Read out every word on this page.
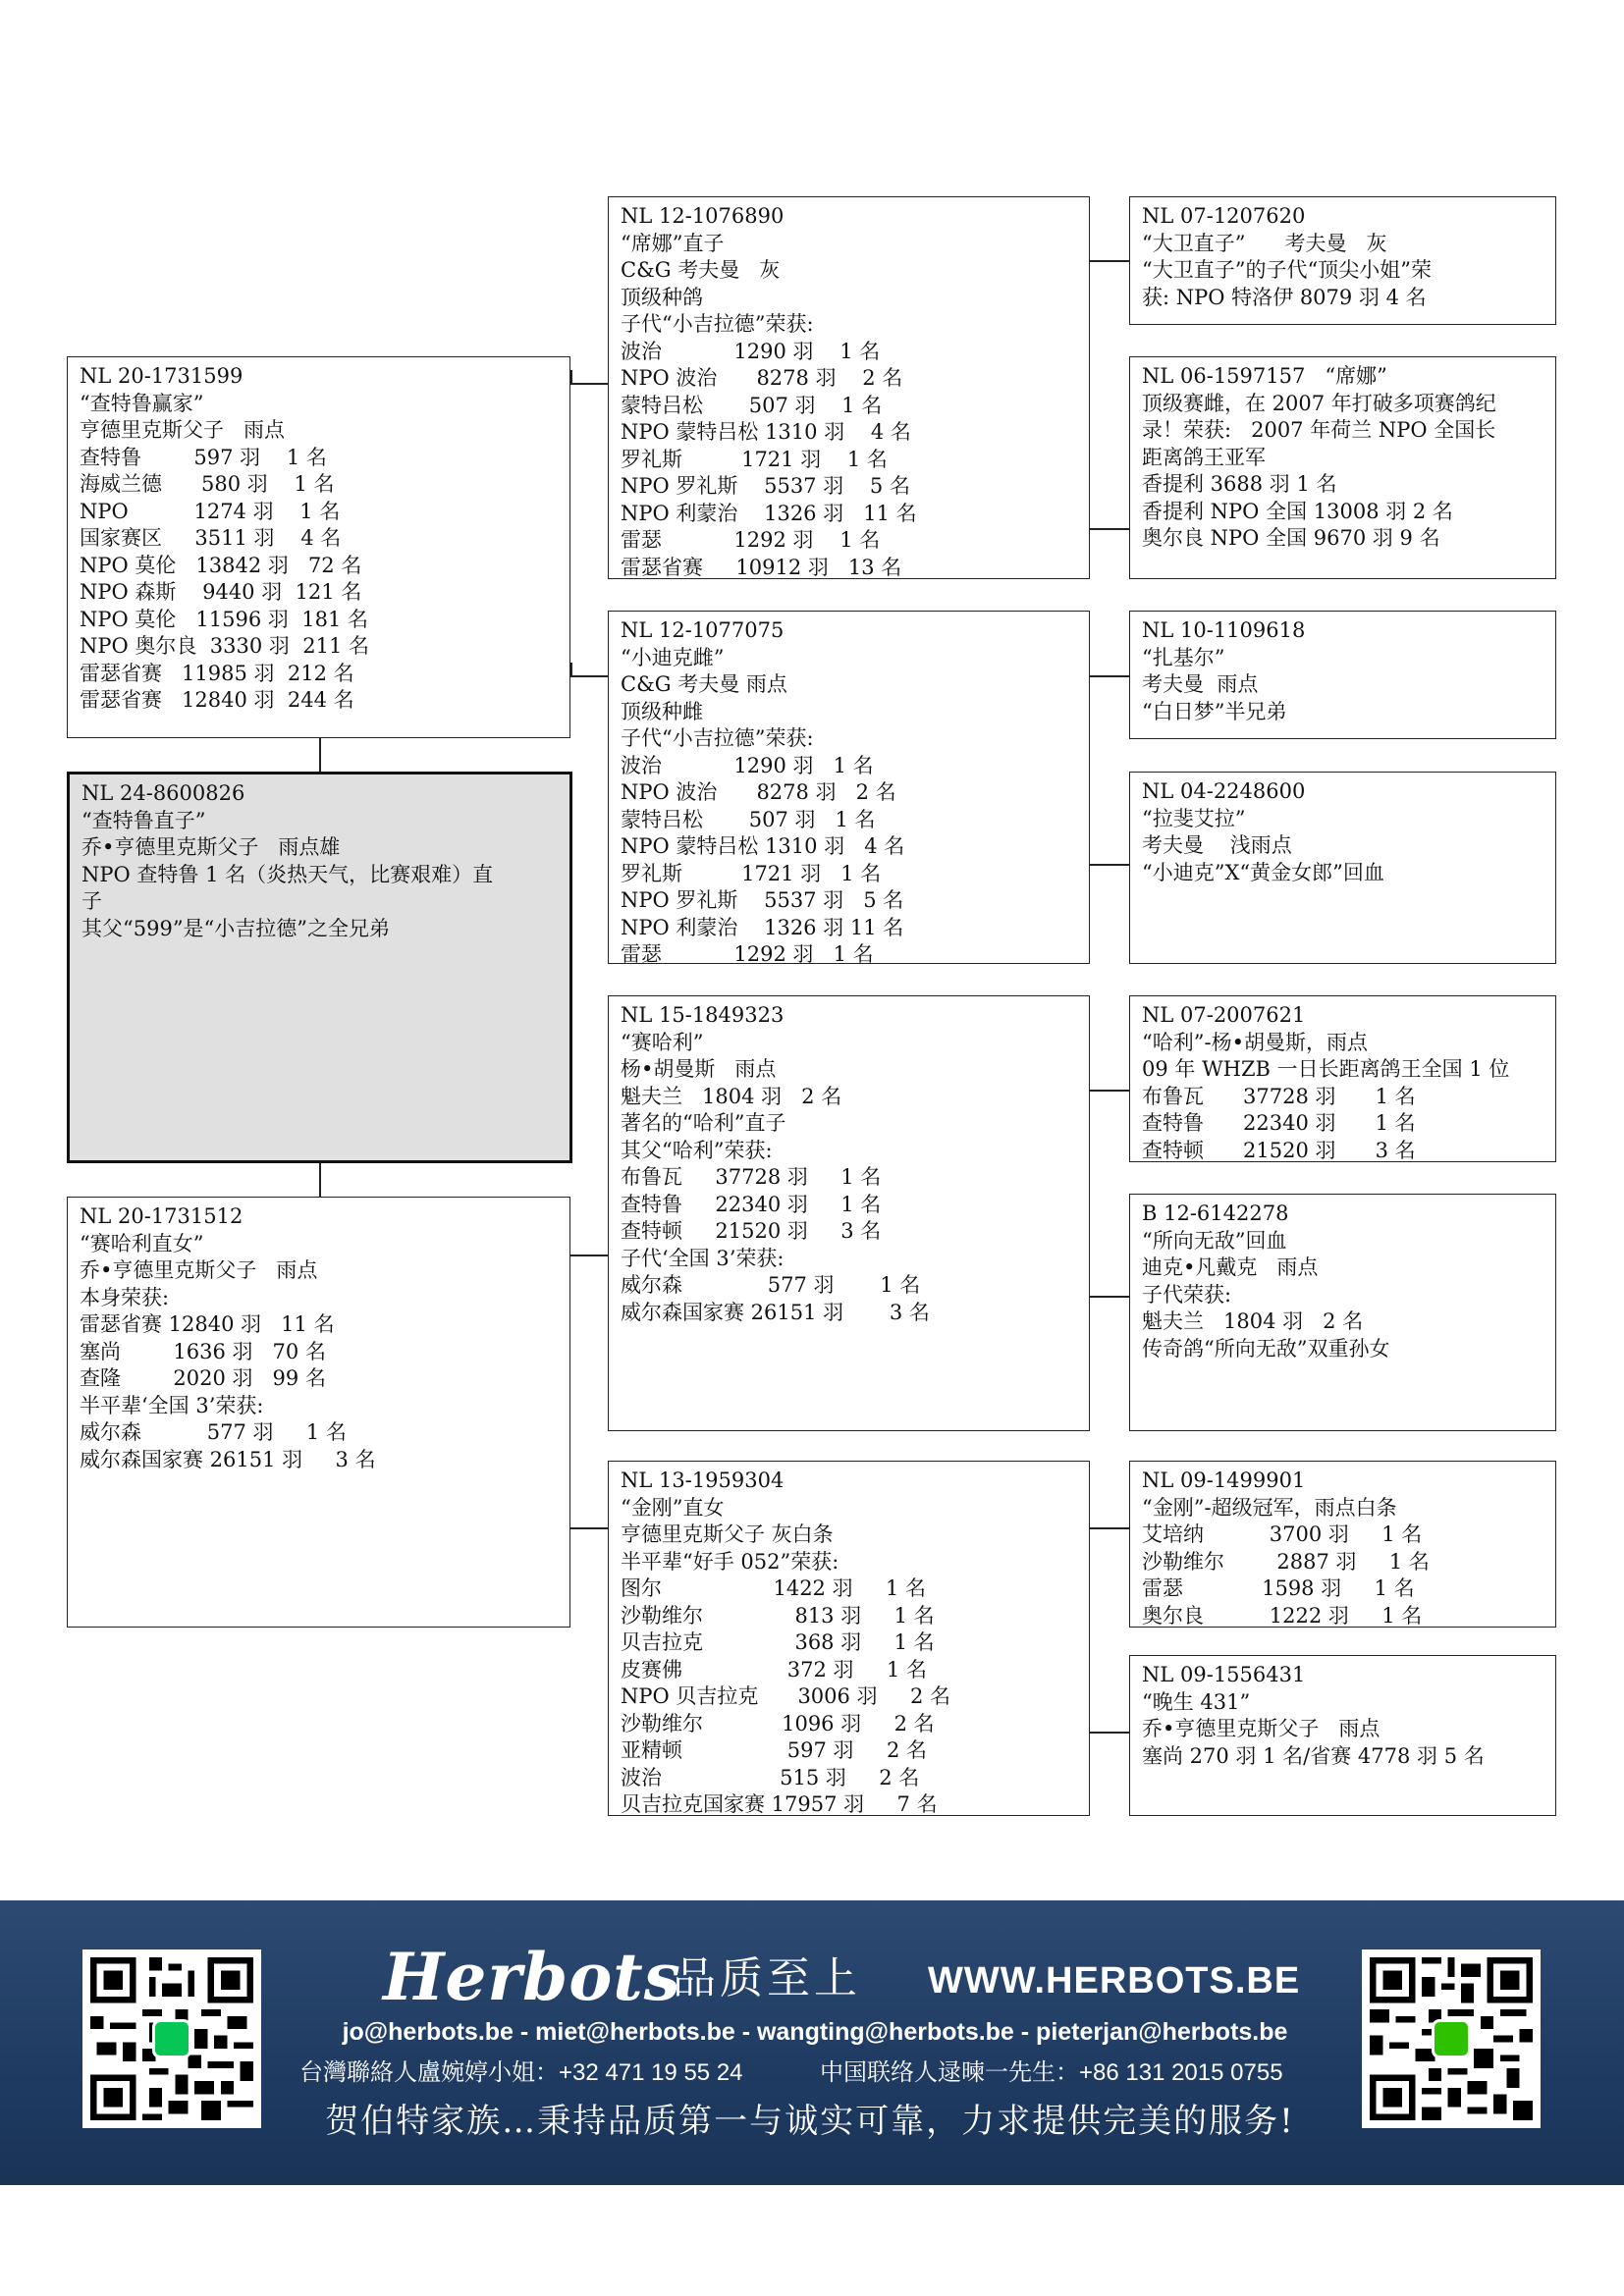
NL 20-1731599
“查特鲁赢家”
亨德里克斯父子   雨点
查特鲁        597 羽    1 名
海威兰德      580 羽    1 名
NPO          1274 羽    1 名
国家赛区     3511 羽    4 名
NPO 莫伦   13842 羽   72 名
NPO 森斯    9440 羽  121 名
NPO 莫伦   11596 羽  181 名
NPO 奥尔良  3330 羽  211 名
雷瑟省赛   11985 羽  212 名
雷瑟省赛   12840 羽  244 名
NL 24-8600826
“查特鲁直子”
乔•亨德里克斯父子   雨点雄
NPO 查特鲁 1 名（炎热天气，比赛艰难）直
子
其父“599”是“小吉拉德”之全兄弟
NL 20-1731512
“赛哈利直女”
乔•亨德里克斯父子   雨点
本身荣获:
雷瑟省赛 12840 羽   11 名
塞尚        1636 羽   70 名
查隆        2020 羽   99 名
半平辈‘全国 3’荣获:
威尔森          577 羽     1 名
威尔森国家赛 26151 羽     3 名
NL 12-1076890
“席娜”直子
C&G 考夫曼   灰
顶级种鸽
子代“小吉拉德”荣获:
波治           1290 羽    1 名
NPO 波治      8278 羽    2 名
蒙特吕松       507 羽    1 名
NPO 蒙特吕松 1310 羽    4 名
罗礼斯         1721 羽    1 名
NPO 罗礼斯    5537 羽    5 名
NPO 利蒙治    1326 羽   11 名
雷瑟           1292 羽    1 名
雷瑟省赛     10912 羽   13 名
NL 12-1077075
“小迪克雌”
C&G 考夫曼 雨点
顶级种雌
子代“小吉拉德”荣获:
波治           1290 羽   1 名
NPO 波治      8278 羽   2 名
蒙特吕松       507 羽   1 名
NPO 蒙特吕松 1310 羽   4 名
罗礼斯         1721 羽   1 名
NPO 罗礼斯    5537 羽   5 名
NPO 利蒙治    1326 羽 11 名
雷瑟           1292 羽   1 名
NL 15-1849323
“赛哈利”
杨•胡曼斯   雨点
魁夫兰   1804 羽   2 名
著名的“哈利”直子
其父“哈利”荣获:
布鲁瓦     37728 羽     1 名
查特鲁     22340 羽     1 名
查特顿     21520 羽     3 名
子代‘全国 3’荣获:
威尔森             577 羽       1 名
威尔森国家赛 26151 羽       3 名
NL 13-1959304
“金刚”直女
亨德里克斯父子 灰白条
半平辈“好手 052”荣获:
图尔                 1422 羽     1 名
沙勒维尔              813 羽     1 名
贝吉拉克              368 羽     1 名
皮赛佛                372 羽     1 名
NPO 贝吉拉克      3006 羽     2 名
沙勒维尔            1096 羽     2 名
亚精顿                597 羽     2 名
波治                  515 羽     2 名
贝吉拉克国家赛 17957 羽     7 名
NL 07-1207620
“大卫直子”      考夫曼   灰
“大卫直子”的子代“顶尖小姐”荣
获: NPO 特洛伊 8079 羽 4 名
NL 06-1597157   “席娜”
顶级赛雌，在 2007 年打破多项赛鸽纪
录！荣获:   2007 年荷兰 NPO 全国长
距离鸽王亚军
香提利 3688 羽 1 名
香提利 NPO 全国 13008 羽 2 名
奥尔良 NPO 全国 9670 羽 9 名
NL 10-1109618
“扎基尔”
考夫曼  雨点
“白日梦”半兄弟
NL 04-2248600
“拉斐艾拉”
考夫曼    浅雨点
“小迪克”X“黄金女郎”回血
NL 07-2007621
“哈利”-杨•胡曼斯，雨点
09 年 WHZB 一日长距离鸽王全国 1 位
布鲁瓦      37728 羽      1 名
查特鲁      22340 羽      1 名
查特顿      21520 羽      3 名
B 12-6142278
“所向无敌”回血
迪克•凡戴克   雨点
子代荣获:
魁夫兰   1804 羽   2 名
传奇鸽“所向无敌”双重孙女
NL 09-1499901
“金刚”-超级冠军，雨点白条
艾培纳          3700 羽     1 名
沙勒维尔        2887 羽     1 名
雷瑟            1598 羽     1 名
奥尔良          1222 羽     1 名
NL 09-1556431
“晚生 431”
乔•亨德里克斯父子   雨点
塞尚 270 羽 1 名/省赛 4778 羽 5 名
Herbots
品质至上 WWW.HERBOTS.BE
jo@herbots.be - miet@herbots.be - wangting@herbots.be - pieterjan@herbots.be
台灣聯絡人盧婉婷小姐：+32 471 19 55 24	中国联络人逯暕一先生：+86 131 2015 0755
贺伯特家族…秉持品质第一与诚实可靠，力求提供完美的服务!
